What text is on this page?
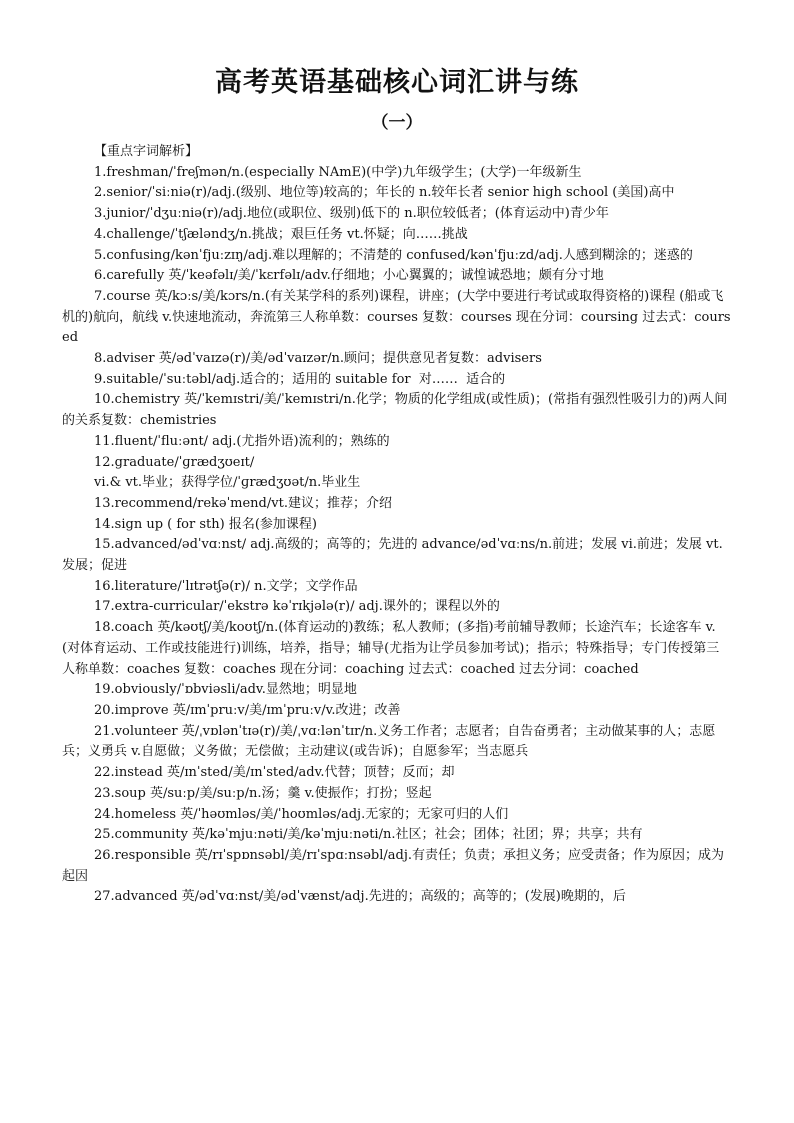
高考英语基础核心词汇讲与练
（一）

【重点字词解析】

1.freshman/ˈfreʃmən/n.(especially NAmE)(中学)九年级学生；(大学)一年级新生

2.senior/ˈsiːniə(r)/adj.(级别、地位等)较高的；年长的 n.较年长者 senior high school (美国)高中

3.junior/ˈdʒuːniə(r)/adj.地位(或职位、级别)低下的 n.职位较低者；(体育运动中)青少年

4.challenge/ˈtʃæləndʒ/n.挑战；艰巨任务 vt.怀疑；向……挑战

5.confusing/kənˈfjuːzɪŋ/adj.难以理解的；不清楚的 confused/kənˈfjuːzd/adj.人感到糊涂的；迷惑的

6.carefully 英/ˈkeəfəlɪ/美/ˈkɛrfəlɪ/adv.仔细地；小心翼翼的；诚惶诚恐地；颇有分寸地

7.course 英/kɔːs/美/kɔrs/n.(有关某学科的系列)课程，讲座；(大学中要进行考试或取得资格的)课程 (船或飞机的)航向，航线 v.快速地流动，奔流第三人称单数：courses 复数：courses 现在分词：coursing 过去式：coursed

8.adviser 英/ədˈvaɪzə(r)/美/ədˈvaɪzər/n.顾问；提供意见者复数：advisers

9.suitable/ˈsuːtəbl/adj.适合的；适用的 suitable for  对……  适合的

10.chemistry 英/ˈkemɪstri/美/ˈkemɪstri/n.化学；物质的化学组成(或性质)；(常指有强烈性吸引力的)两人间的关系复数：chemistries

11.fluent/ˈfluːənt/ adj.(尤指外语)流利的；熟练的

12.graduate/ˈɡrædʒʊeɪt/

vi.& vt.毕业；获得学位/ˈɡrædʒʊət/n.毕业生

13.recommend/rekəˈmend/vt.建议；推荐；介绍

14.sign up ( for sth) 报名(参加课程)

15.advanced/ədˈvɑːnst/ adj.高级的；高等的；先进的 advance/ədˈvɑːns/n.前进；发展 vi.前进；发展 vt.发展；促进

16.literature/ˈlɪtrətʃə(r)/ n.文学；文学作品

17.extra-curricular/ˈekstrə kəˈrɪkjələ(r)/ adj.课外的；课程以外的

18.coach 英/kəʊtʃ/美/koʊtʃ/n.(体育运动的)教练；私人教师；(多指)考前辅导教师；长途汽车；长途客车 v.(对体育运动、工作或技能进行)训练，培养，指导；辅导(尤指为让学员参加考试)；指示；特殊指导；专门传授第三人称单数：coaches 复数：coaches 现在分词：coaching 过去式：coached 过去分词：coached

19.obviously/ˈɒbviəsli/adv.显然地；明显地

20.improve 英/ɪmˈpruːv/美/ɪmˈpruːv/v.改进；改善

21.volunteer 英/ˌvɒlənˈtɪə(r)/美/ˌvɑːlənˈtɪr/n.义务工作者；志愿者；自告奋勇者；主动做某事的人；志愿兵；义勇兵 v.自愿做；义务做；无偿做；主动建议(或告诉)；自愿参军；当志愿兵

22.instead 英/ɪnˈsted/美/ɪnˈsted/adv.代替；顶替；反而；却

23.soup 英/suːp/美/suːp/n.汤；羹 v.使振作；打扮；竖起

24.homeless 英/ˈhəʊmləs/美/ˈhoʊmləs/adj.无家的；无家可归的人们

25.community 英/kəˈmjuːnəti/美/kəˈmjuːnəti/n.社区；社会；团体；社团；界；共享；共有

26.responsible 英/rɪˈspɒnsəbl/美/rɪˈspɑːnsəbl/adj.有责任；负责；承担义务；应受责备；作为原因；成为起因

27.advanced 英/ədˈvɑːnst/美/ədˈvænst/adj.先进的；高级的；高等的；(发展)晚期的，后
